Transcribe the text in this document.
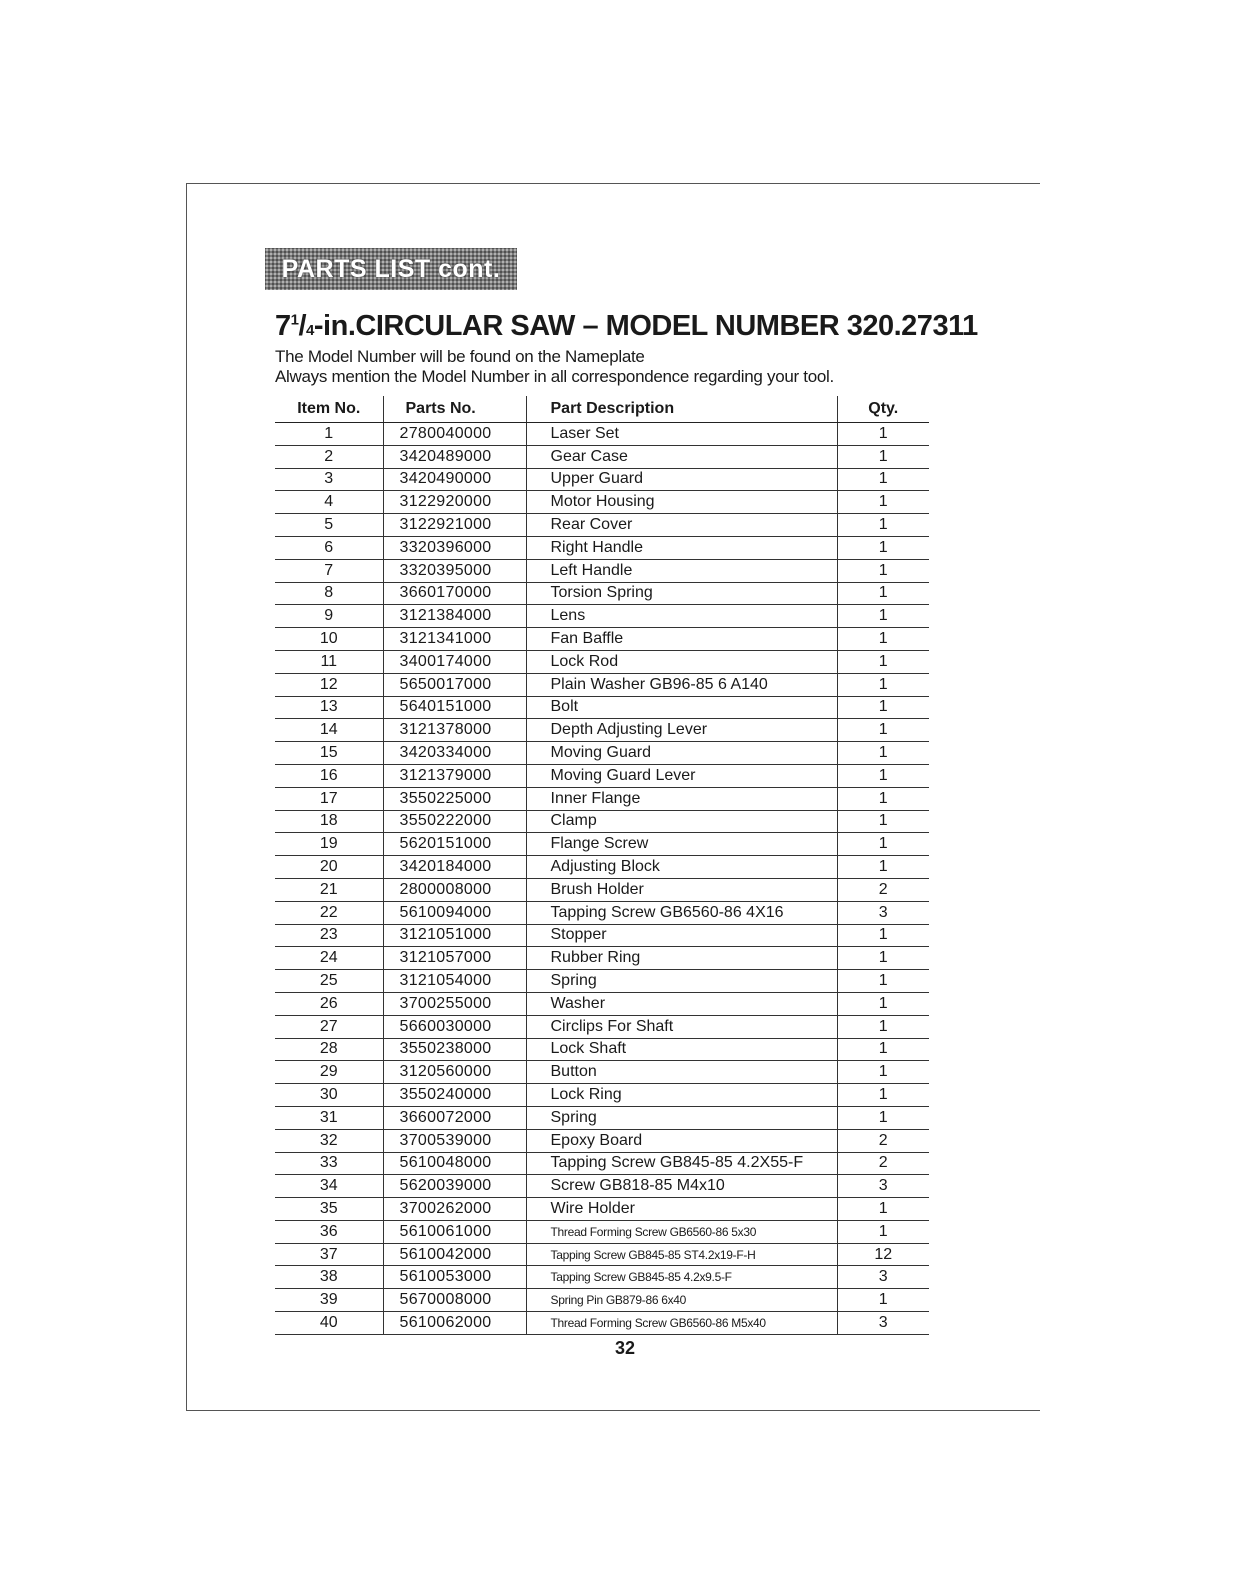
PARTS LIST cont.
$7^1/4-in.CIRCULAR$ SAW – MODEL NUMBER 320.27311
The Model Number will be found on the Nameplate
Always mention the Model Number in all correspondence regarding your tool.
Item No.	Parts No.	Part Description	Qty.
1	2780040000	Laser Set	1
2	3420489000	Gear Case	1
3	3420490000	Upper Guard	1
4	3122920000	Motor Housing	1
5	3122921000	Rear Cover	1
6	3320396000	Right Handle	1
7	3320395000	Left Handle	1
8	3660170000	Torsion Spring	1
9	3121384000	Lens	1
10	3121341000	Fan Baffle	1
11	3400174000	Lock Rod	1
12	5650017000	Plain Washer GB96-85 6 A140	1
13	5640151000	Bolt	1
14	3121378000	Depth Adjusting Lever	1
15	3420334000	Moving Guard	1
16	3121379000	Moving Guard Lever	1
17	3550225000	Inner Flange	1
18	3550222000	Clamp	1
19	5620151000	Flange Screw	1
20	3420184000	Adjusting Block	1
21	2800008000	Brush Holder	2
22	5610094000	Tapping Screw GB6560-86 4X16	3
23	3121051000	Stopper	1
24	3121057000	Rubber Ring	1
25	3121054000	Spring	1
26	3700255000	Washer	1
27	5660030000	Circlips For Shaft	1
28	3550238000	Lock Shaft	1
29	3120560000	Button	1
30	3550240000	Lock Ring	1
31	3660072000	Spring	1
32	3700539000	Epoxy Board	2
33	5610048000	Tapping Screw GB845-85 4.2X55-F	2
34	5620039000	Screw GB818-85 M4x10	3
35	3700262000	Wire Holder	1
36	5610061000	Thread Forming Screw GB6560-86 5x30	1
37	5610042000	Tapping Screw GB845-85 ST4.2x19-F-H	12
38	5610053000	Tapping Screw GB845-85 4.2x9.5-F	3
39	5670008000	Spring Pin GB879-86 6x40	1
40	5610062000	Thread Forming Screw GB6560-86 M5x40	3
32
